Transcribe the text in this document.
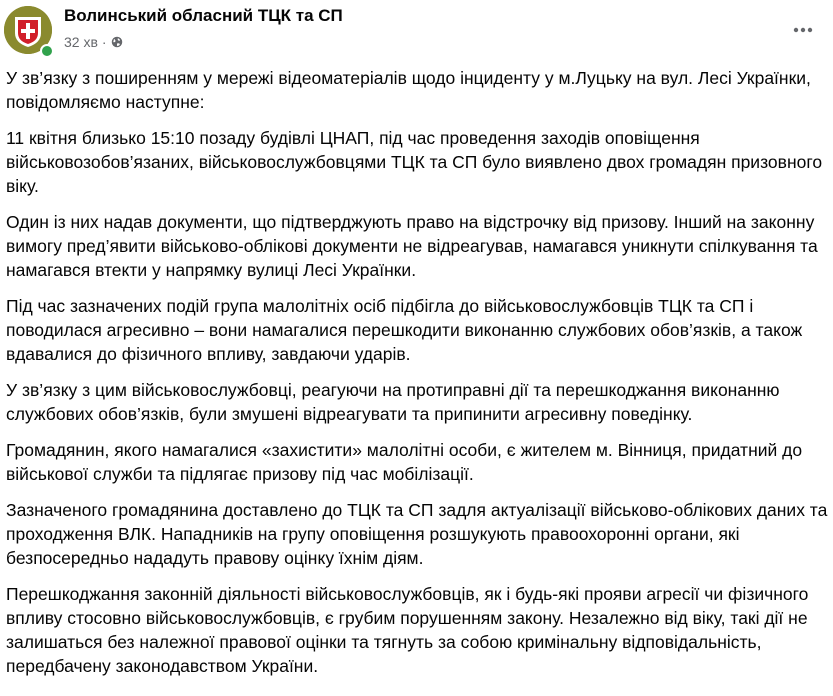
Волинський обласний ТЦК та СП
32 хв ·

У зв’язку з поширенням у мережі відеоматеріалів щодо інциденту у м.Луцьку на вул. Лесі Українки, повідомляємо наступне:

11 квітня близько 15:10 позаду будівлі ЦНАП, під час проведення заходів оповіщення військовозобов’язаних, військовослужбовцями ТЦК та СП було виявлено двох громадян призовного віку.

Один із них надав документи, що підтверджують право на відстрочку від призову. Інший на законну вимогу пред’явити військово-облікові документи не відреагував, намагався уникнути спілкування та намагався втекти у напрямку вулиці Лесі Українки.

Під час зазначених подій група малолітніх осіб підбігла до військовослужбовців ТЦК та СП і поводилася агресивно – вони намагалися перешкодити виконанню службових обов’язків, а також вдавалися до фізичного впливу, завдаючи ударів.

У зв’язку з цим військовослужбовці, реагуючи на протиправні дії та перешкоджання виконанню службових обов’язків, були змушені відреагувати та припинити агресивну поведінку.

Громадянин, якого намагалися «захистити» малолітні особи, є жителем м. Вінниця, придатний до військової служби та підлягає призову під час мобілізації.

Зазначеного громадянина доставлено до ТЦК та СП задля актуалізації військово-облікових даних та проходження ВЛК. Нападників на групу оповіщення розшукують правоохоронні органи, які безпосередньо нададуть правову оцінку їхнім діям.

Перешкоджання законній діяльності військовослужбовців, як і будь-які прояви агресії чи фізичного впливу стосовно військовослужбовців, є грубим порушенням закону. Незалежно від віку, такі дії не залишаться без належної правової оцінки та тягнуть за собою кримінальну відповідальність, передбачену законодавством України.
